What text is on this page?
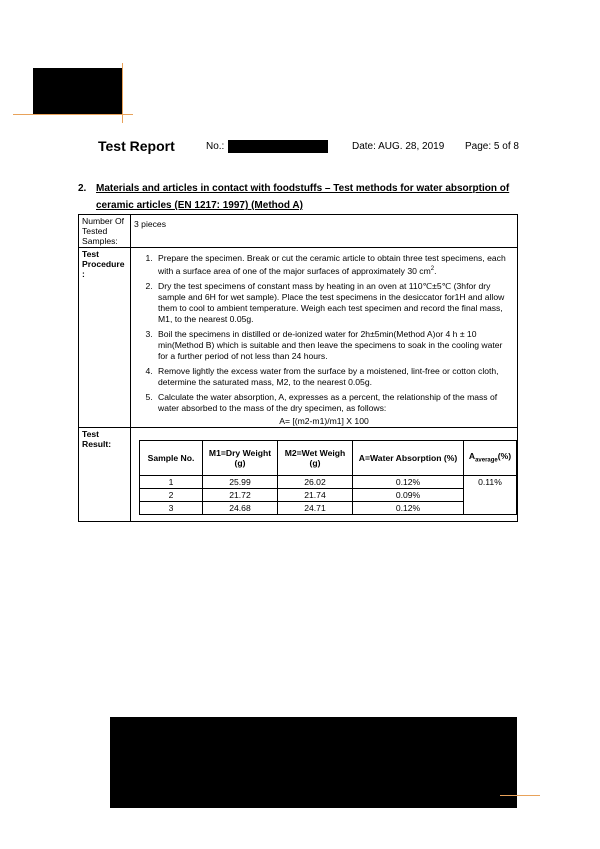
Test Report	No.:	Date: AUG. 28, 2019 Page: 5 of 8
2. Materials and articles in contact with foodstuffs – Test methods for water absorption of ceramic articles (EN 1217: 1997) (Method A)
Number Of Tested Samples:	3 pieces
Test Procedure :	
1. Prepare the specimen. Break or cut the ceramic article to obtain three test specimens, each with a surface area of one of the major surfaces of approximately 30 $cm^2$.
2. Dry the test specimens of constant mass by heating in an oven at 110℃±5℃ (3hfor dry sample and 6H for wet sample). Place the test specimens in the desiccator for1H and allow them to cool to ambient temperature. Weigh each test specimen and record the final mass, M1, to the nearest 0.05g.
3. Boil the specimens in distilled or de-ionized water for 2h±5min(Method A)or 4 h ± 10 min(Method B) which is suitable and then leave the specimens to soak in the cooling water for a further period of not less than 24 hours.
4. Remove lightly the excess water from the surface by a moistened, lint-free or cotton cloth, determine the saturated mass, M2, to the nearest 0.05g.
5. Calculate the water absorption, A, expresses as a percent, the relationship of the mass of water absorbed to the mass of the dry specimen, as follows:
A= [(m2-m1)/m1] X 100

Test Result:	
Sample No.	M1=Dry Weight (g)	M2=Wet Weigh (g)	A=Water Absorption (%)	$A_{average}(\%)$
1	25.99	26.02	0.12%	0.11%
2	21.72	21.74	0.09%
3	24.68	24.71	0.12%
